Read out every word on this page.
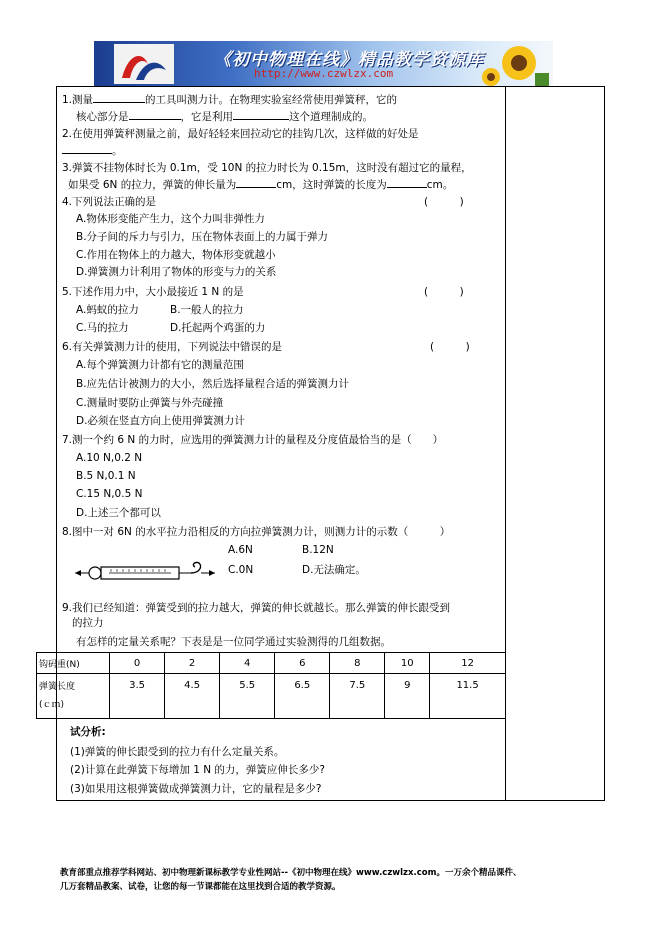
《初中物理在线》精品教学资源库
http://www.czwlzx.com
1.测量	的工具叫测力计。在物理实验室经常使用弹簧秤，它的
核心部分是	，它是利用	这个道理制成的。
2.在使用弹簧秤测量之前，最好轻轻来回拉动它的挂钩几次，这样做的好处是
。
3.弹簧不挂物体时长为 0.1m，受 10N 的拉力时长为 0.15m，这时没有超过它的量程，
如果受 6N 的拉力，弹簧的伸长量为	cm，这时弹簧的长度为	cm。
4.下列说法正确的是	(　　　)
A.物体形变能产生力，这个力叫非弹性力
B.分子间的斥力与引力，压在物体表面上的力属于弹力
C.作用在物体上的力越大，物体形变就越小
D.弹簧测力计利用了物体的形变与力的关系
5.下述作用力中，大小最接近 1 N 的是	(　　　)
A.蚂蚁的拉力	B.一般人的拉力
C.马的拉力	D.托起两个鸡蛋的力
6.有关弹簧测力计的使用，下列说法中错误的是	(　　　)
A.每个弹簧测力计都有它的测量范围
B.应先估计被测力的大小，然后选择量程合适的弹簧测力计
C.测量时要防止弹簧与外壳碰撞
D.必须在竖直方向上使用弹簧测力计
7.测一个约 6 N 的力时，应选用的弹簧测力计的量程及分度值最恰当的是（　　）
A.10 N,0.2 N
B.5 N,0.1 N
C.15 N,0.5 N
D.上述三个都可以
8.图中一对 6N 的水平拉力沿相反的方向拉弹簧测力计，则测力计的示数（　　　）
A.6N	B.12N
C.0N	D.无法确定。
9.我们已经知道：弹簧受到的拉力越大，弹簧的伸长就越长。那么弹簧的伸长跟受到
的拉力
有怎样的定量关系呢？下表是是一位同学通过实验测得的几组数据。
钩码重(N)	0	2	4	6	8	10	12

弹簧长度
(ｃｍ)	3.5	4.5	5.5	6.5	7.5	9	11.5
试分析:
(1)弹簧的伸长跟受到的拉力有什么定量关系。
(2)计算在此弹簧下每增加 1 N 的力，弹簧应伸长多少?
(3)如果用这根弹簧做成弹簧测力计，它的量程是多少?
教育部重点推荐学科网站、初中物理新课标教学专业性网站--《初中物理在线》www.czwlzx.com。一万余个精品课件、
几万套精品教案、试卷，让您的每一节课都能在这里找到合适的教学资源。
